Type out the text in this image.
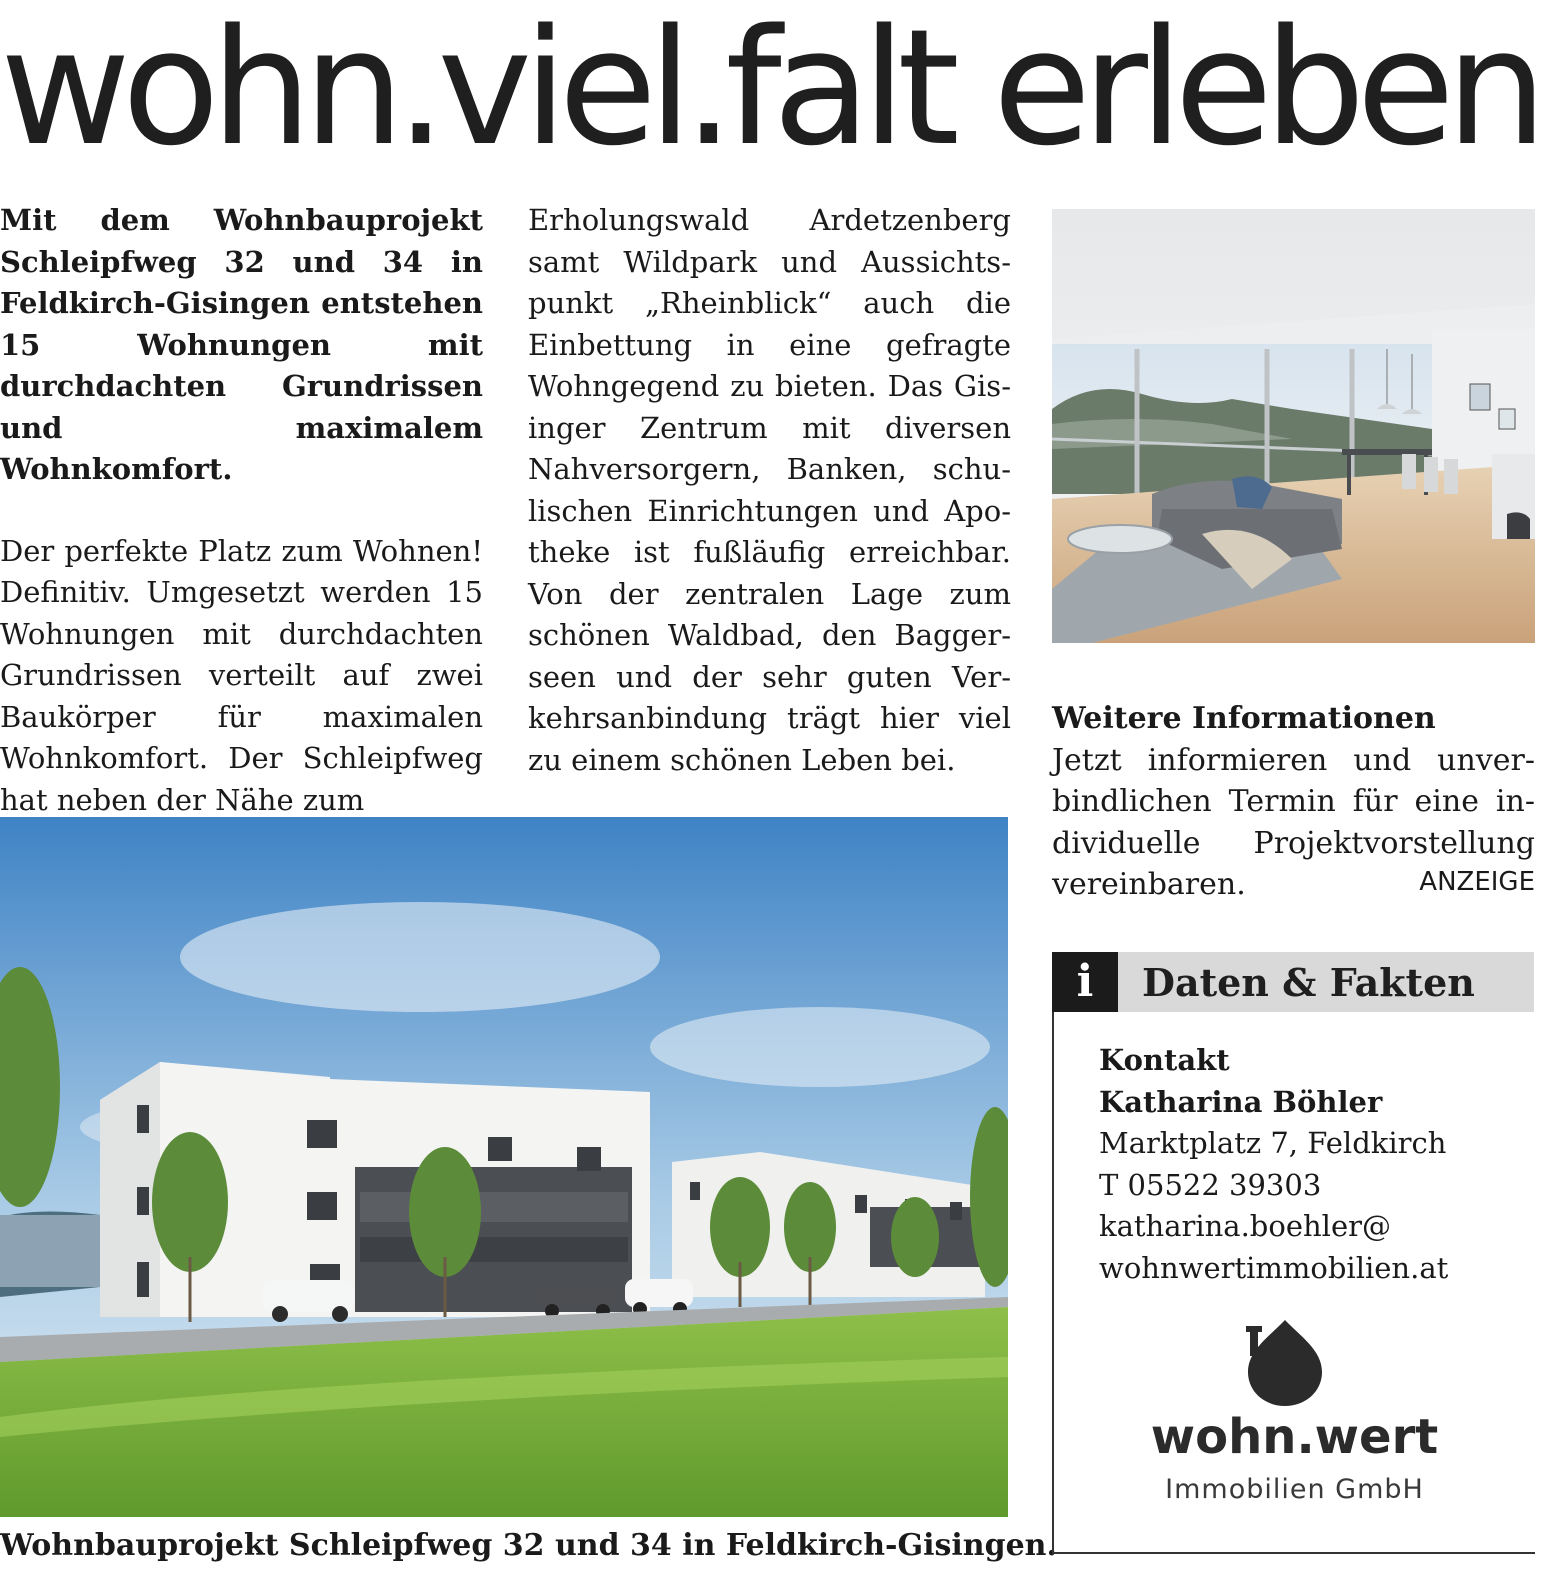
wohn.viel.falt erleben

Mit dem Wohnbauprojekt Schleipfweg 32 und 34 in Feldkirch-Gisingen entstehen 15 Wohnungen mit durchdachten Grundrissen und maximalem Wohnkomfort.

Der perfekte Platz zum Wohnen! Definitiv. Umgesetzt werden 15 Wohnungen mit durchdachten Grundrissen verteilt auf zwei Baukörper für maximalen Wohnkomfort. Der Schleipfweg hat neben der Nähe zum

Erholungswald Ardetzenberg samt Wildpark und Aussichtspunkt „Rheinblick“ auch die Einbettung in eine gefragte Wohngegend zu bieten. Das Gisinger Zentrum mit diversen Nahversorgern, Banken, schulischen Einrichtungen und Apotheke ist fußläufig erreichbar. Von der zentralen Lage zum schönen Waldbad, den Baggerseen und der sehr guten Verkehrsanbindung trägt hier viel zu einem schönen Leben bei.

Weitere Informationen
Jetzt informieren und unverbindlichen Termin für eine individuelle Projektvorstellung vereinbaren.	ANZEIGE
Wohnbauprojekt Schleipfweg 32 und 34 in Feldkirch-Gisingen.
i	Daten & Fakten
Kontakt
Katharina Böhler
Marktplatz 7, Feldkirch
T 05522 39303
katharina.boehler@
wohnwertimmobilien.at
wohn.wert
Immobilien GmbH
